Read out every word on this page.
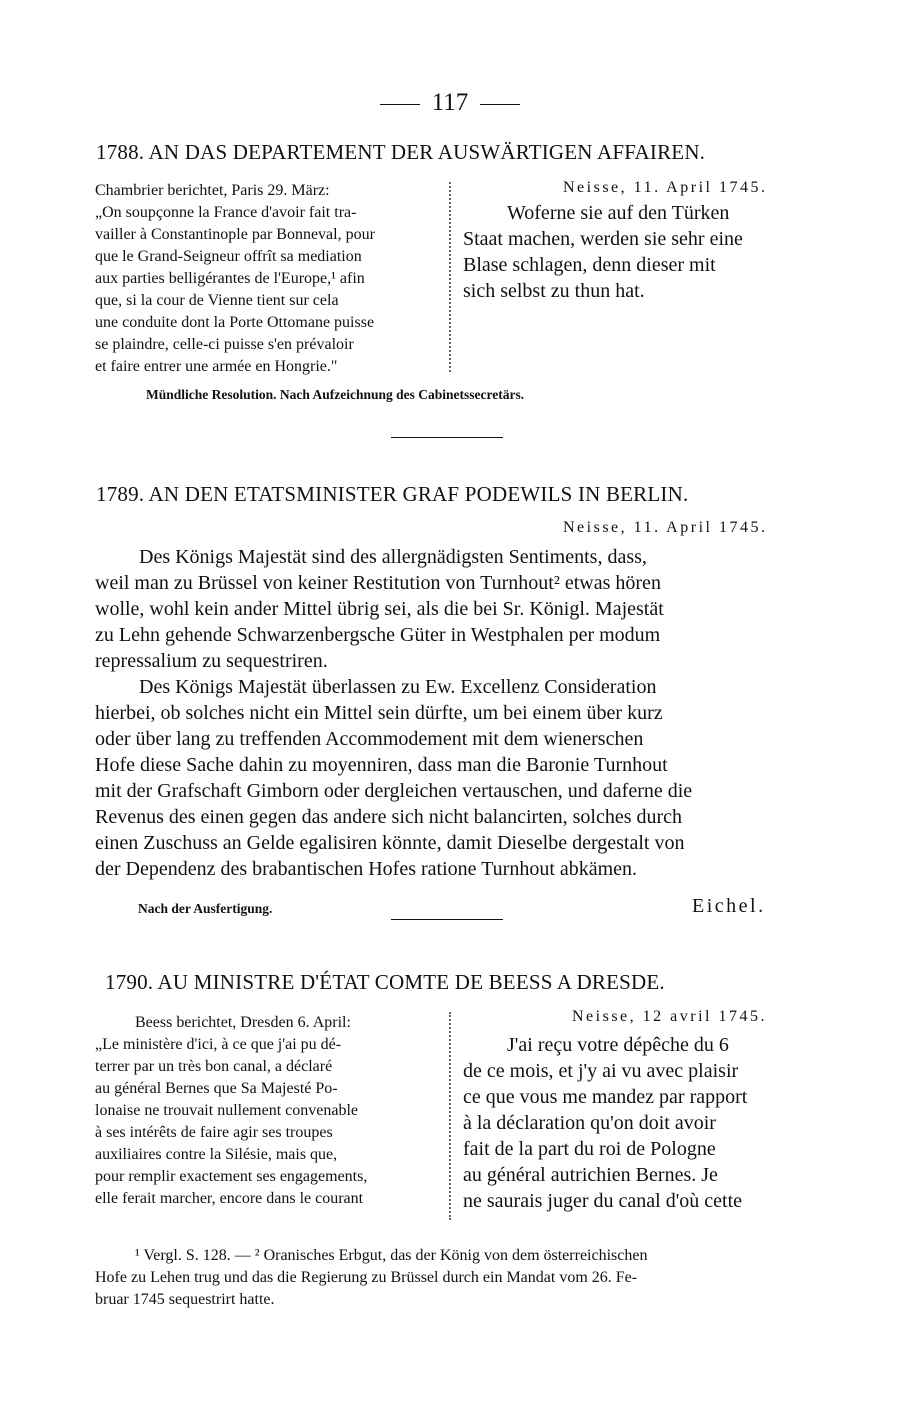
117
1788. AN DAS DEPARTEMENT DER AUSWÄRTIGEN AFFAIREN.
Chambrier berichtet, Paris 29. März:
„On soupçonne la France d'avoir fait tra-
vailler à Constantinople par Bonneval, pour
que le Grand-Seigneur offrît sa mediation
aux parties belligérantes de l'Europe,¹ afin
que, si la cour de Vienne tient sur cela
une conduite dont la Porte Ottomane puisse
se plaindre, celle-ci puisse s'en prévaloir
et faire entrer une armée en Hongrie."
Neisse, 11. April 1745.
Woferne sie auf den Türken
Staat machen, werden sie sehr eine
Blase schlagen, denn dieser mit
sich selbst zu thun hat.
Mündliche Resolution. Nach Aufzeichnung des Cabinetssecretärs.
1789. AN DEN ETATSMINISTER GRAF PODEWILS IN BERLIN.
Neisse, 11. April 1745.
Des Königs Majestät sind des allergnädigsten Sentiments, dass,
weil man zu Brüssel von keiner Restitution von Turnhout² etwas hören
wolle, wohl kein ander Mittel übrig sei, als die bei Sr. Königl. Majestät
zu Lehn gehende Schwarzenbergsche Güter in Westphalen per modum
repressalium zu sequestriren.
Des Königs Majestät überlassen zu Ew. Excellenz Consideration
hierbei, ob solches nicht ein Mittel sein dürfte, um bei einem über kurz
oder über lang zu treffenden Accommodement mit dem wienerschen
Hofe diese Sache dahin zu moyenniren, dass man die Baronie Turnhout
mit der Grafschaft Gimborn oder dergleichen vertauschen, und daferne die
Revenus des einen gegen das andere sich nicht balancirten, solches durch
einen Zuschuss an Gelde egalisiren könnte, damit Dieselbe dergestalt von
der Dependenz des brabantischen Hofes ratione Turnhout abkämen.
Nach der Ausfertigung.	Eichel.
1790. AU MINISTRE D'ÉTAT COMTE DE BEESS A DRESDE.
Beess berichtet, Dresden 6. April:
„Le ministère d'ici, à ce que j'ai pu dé-
terrer par un très bon canal, a déclaré
au général Bernes que Sa Majesté Po-
lonaise ne trouvait nullement convenable
à ses intérêts de faire agir ses troupes
auxiliaires contre la Silésie, mais que,
pour remplir exactement ses engagements,
elle ferait marcher, encore dans le courant
Neisse, 12 avril 1745.
J'ai reçu votre dépêche du 6
de ce mois, et j'y ai vu avec plaisir
ce que vous me mandez par rapport
à la déclaration qu'on doit avoir
fait de la part du roi de Pologne
au général autrichien Bernes. Je
ne saurais juger du canal d'où cette
¹ Vergl. S. 128. — ² Oranisches Erbgut, das der König von dem österreichischen
Hofe zu Lehen trug und das die Regierung zu Brüssel durch ein Mandat vom 26. Fe-
bruar 1745 sequestrirt hatte.
